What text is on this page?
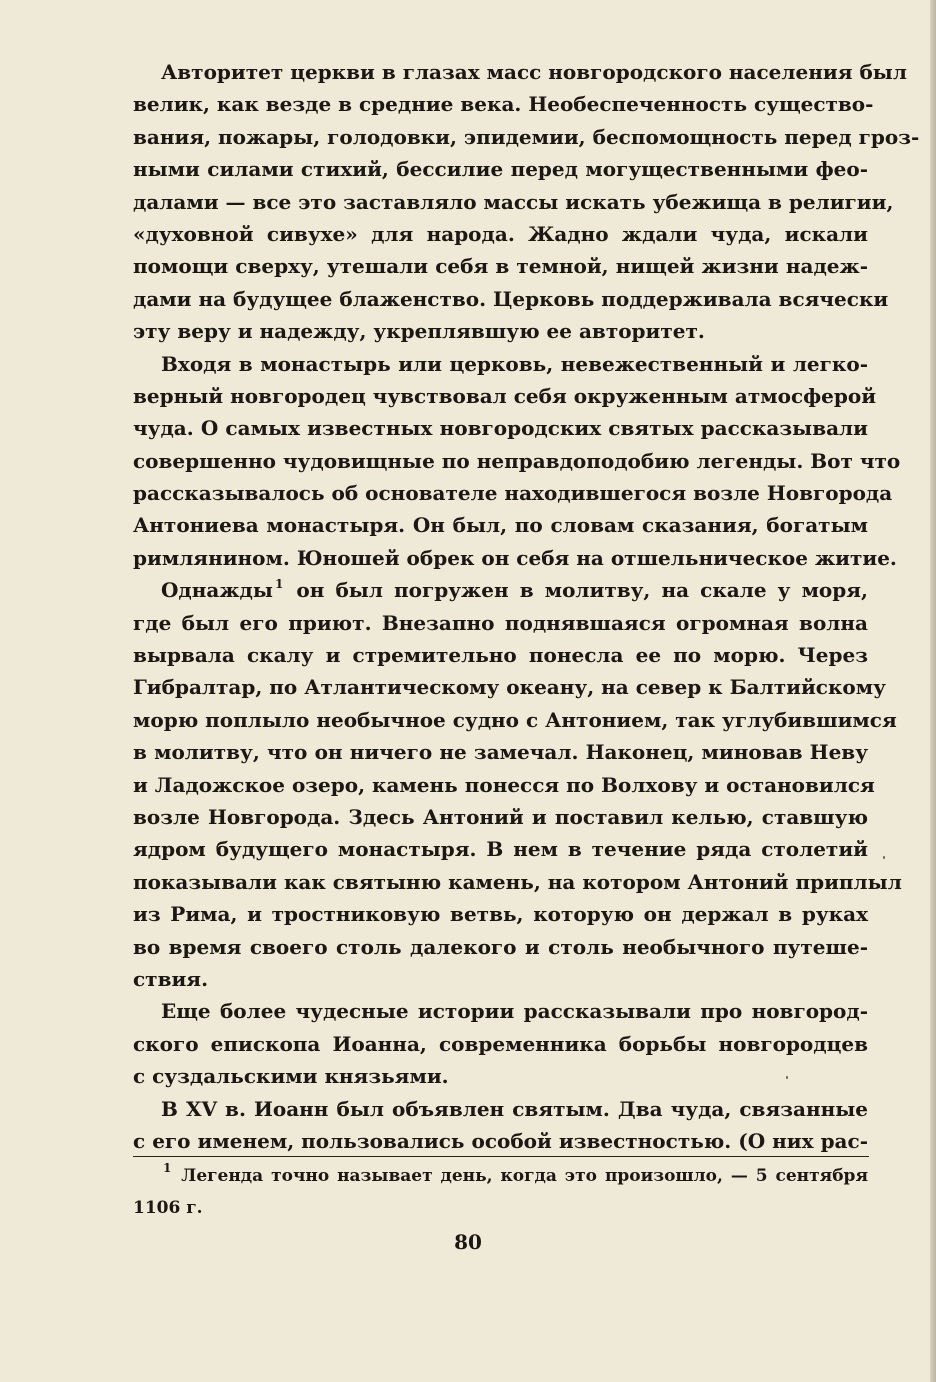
Авторитет церкви в глазах масс новгородского населения был
велик, как везде в средние века. Необеспеченность существо-
вания, пожары, голодовки, эпидемии, беспомощность перед гроз-
ными силами стихий, бессилие перед могущественными фео-
далами — все это заставляло массы искать убежища в религии,
«духовной сивухе» для народа. Жадно ждали чуда, искали
помощи сверху, утешали себя в темной, нищей жизни надеж-
дами на будущее блаженство. Церковь поддерживала всячески
эту веру и надежду, укреплявшую ее авторитет.
Входя в монастырь или церковь, невежественный и легко-
верный новгородец чувствовал себя окруженным атмосферой
чуда. О самых известных новгородских святых рассказывали
совершенно чудовищные по неправдоподобию легенды. Вот что
рассказывалось об основателе находившегося возле Новгорода
Антониева монастыря. Он был, по словам сказания, богатым
римлянином. Юношей обрек он себя на отшельническое житие.
Однажды $^1$ он был погружен в молитву, на скале у моря,
где был его приют. Внезапно поднявшаяся огромная волна
вырвала скалу и стремительно понесла ее по морю. Через
Гибралтар, по Атлантическому океану, на север к Балтийскому
морю поплыло необычное судно с Антонием, так углубившимся
в молитву, что он ничего не замечал. Наконец, миновав Неву
и Ладожское озеро, камень понесся по Волхову и остановился
возле Новгорода. Здесь Антоний и поставил келью, ставшую
ядром будущего монастыря. В нем в течение ряда столетий
показывали как святыню камень, на котором Антоний приплыл
из Рима, и тростниковую ветвь, которую он держал в руках
во время своего столь далекого и столь необычного путеше-
ствия.
Еще более чудесные истории рассказывали про новгород-
ского епископа Иоанна, современника борьбы новгородцев
с суздальскими князьями.
В XV в. Иоанн был объявлен святым. Два чуда, связанные
с его именем, пользовались особой известностью. (О них рас-
$^1$ Легенда точно называет день, когда это произошло, — 5 сентября
1106 г.
80
